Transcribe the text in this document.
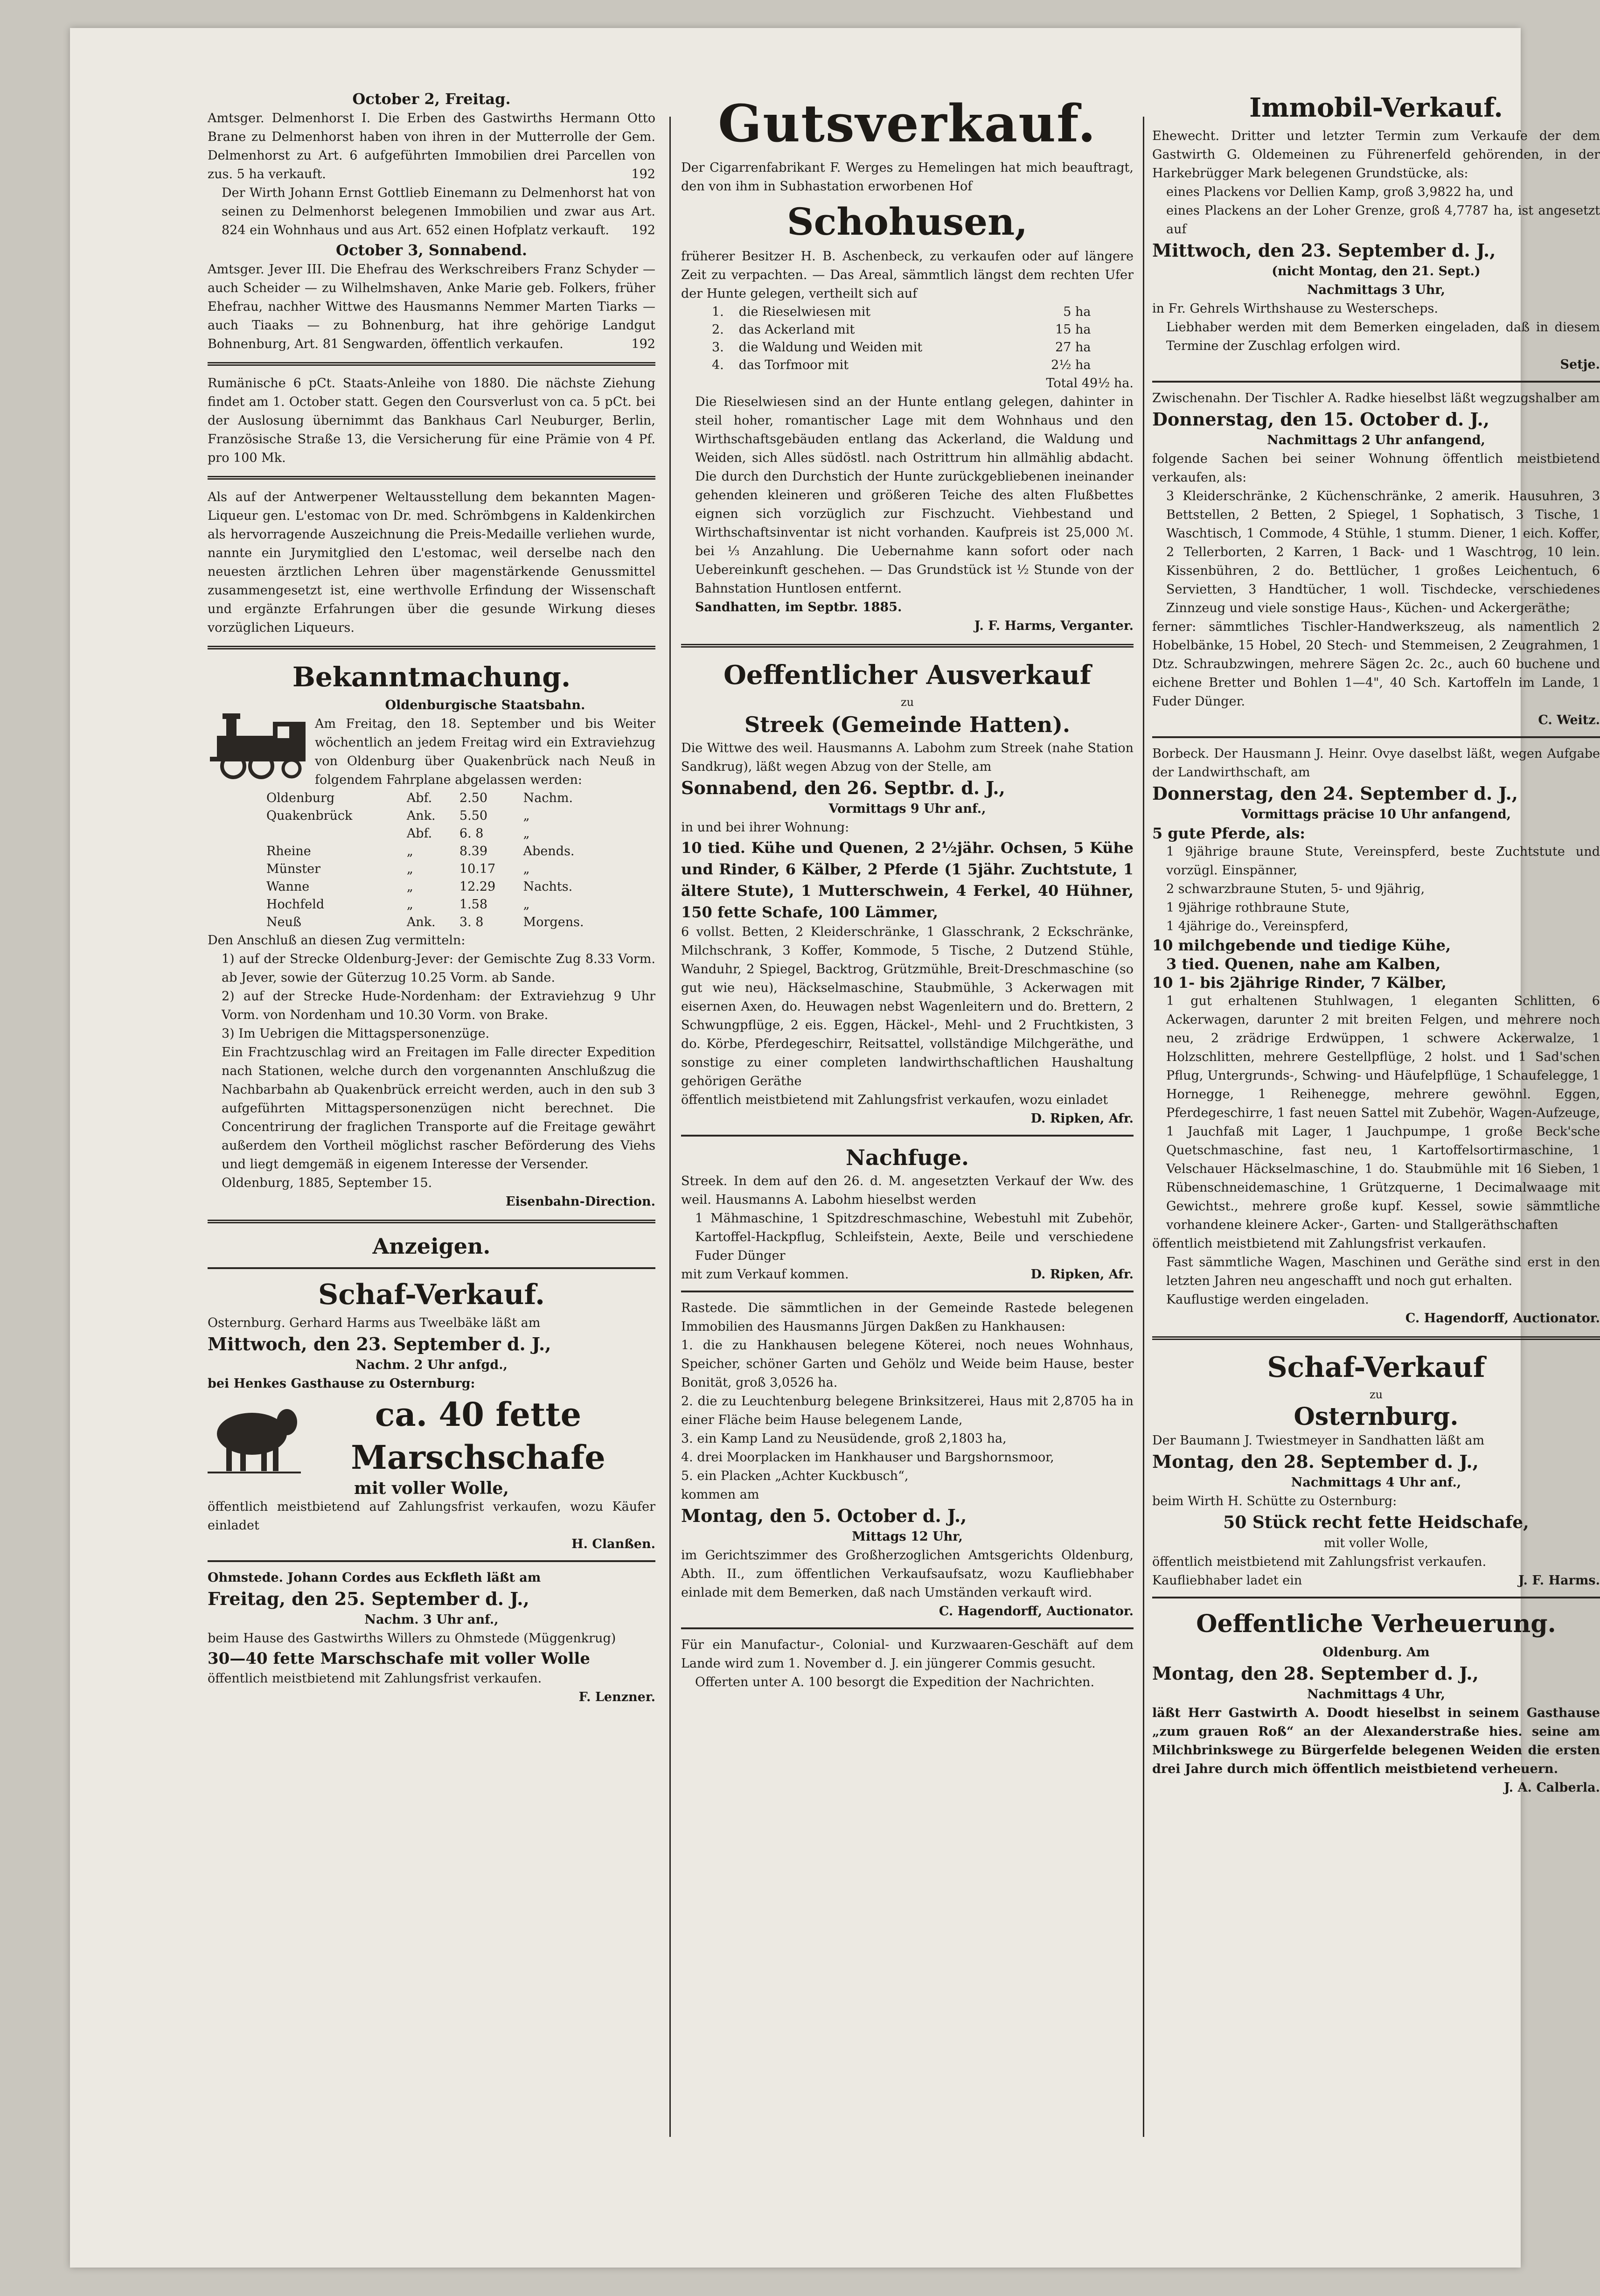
October 2, Freitag.

Amtsger. Delmenhorst I. Die Erben des Gastwirths Hermann Otto Brane zu Delmenhorst haben von ihren in der Mutterrolle der Gem. Delmenhorst zu Art. 6 aufgeführten Immobilien drei Parcellen von zus. 5 ha verkauft.	192

Der Wirth Johann Ernst Gottlieb Einemann zu Delmenhorst hat von seinen zu Delmenhorst belegenen Immobilien und zwar aus Art. 824 ein Wohnhaus und aus Art. 652 einen Hofplatz verkauft. 192

October 3, Sonnabend.

Amtsger. Jever III. Die Ehefrau des Werkschreibers Franz Schyder — auch Scheider — zu Wilhelmshaven, Anke Marie geb. Folkers, früher Ehefrau, nachher Wittwe des Hausmanns Nemmer Marten Tiarks — auch Tiaaks — zu Bohnenburg, hat ihre gehörige Landgut Bohnenburg, Art. 81 Sengwarden, öffentlich verkaufen.	192

Rumänische 6 pCt. Staats-Anleihe von 1880. Die nächste Ziehung findet am 1. October statt. Gegen den Coursverlust von ca. 5 pCt. bei der Auslosung übernimmt das Bankhaus Carl Neuburger, Berlin, Französische Straße 13, die Versicherung für eine Prämie von 4 Pf. pro 100 Mk.

Als auf der Antwerpener Weltausstellung dem bekannten Magen-Liqueur gen. L'estomac von Dr. med. Schrömbgens in Kaldenkirchen als hervorragende Auszeichnung die Preis-Medaille verliehen wurde, nannte ein Jurymitglied den L'estomac, weil derselbe nach den neuesten ärztlichen Lehren über magenstärkende Genussmittel zusammengesetzt ist, eine werthvolle Erfindung der Wissenschaft und ergänzte Erfahrungen über die gesunde Wirkung dieses vorzüglichen Liqueurs.

Bekanntmachung.

Oldenburgische Staatsbahn.

Am Freitag, den 18. September und bis Weiter wöchentlich an jedem Freitag wird ein Extraviehzug von Oldenburg über Quakenbrück nach Neuß in folgendem Fahrplane abgelassen werden:

Oldenburg	Abf.	2.50	Nachm.
Quakenbrück	Ank.	5.50	„
	Abf.	6. 8	„
Rheine	„	8.39	Abends.
Münster	„	10.17	„
Wanne	„	12.29	Nachts.
Hochfeld	„	1.58	„
Neuß	Ank.	3. 8	Morgens.

Den Anschluß an diesen Zug vermitteln:

1) auf der Strecke Oldenburg-Jever: der Gemischte Zug 8.33 Vorm. ab Jever, sowie der Güterzug 10.25 Vorm. ab Sande.

2) auf der Strecke Hude-Nordenham: der Extraviehzug 9 Uhr Vorm. von Nordenham und 10.30 Vorm. von Brake.

3) Im Uebrigen die Mittagspersonenzüge.

Ein Frachtzuschlag wird an Freitagen im Falle directer Expedition nach Stationen, welche durch den vorgenannten Anschlußzug die Nachbarbahn ab Quakenbrück erreicht werden, auch in den sub 3 aufgeführten Mittagspersonenzügen nicht berechnet. Die Concentrirung der fraglichen Transporte auf die Freitage gewährt außerdem den Vortheil möglichst rascher Beförderung des Viehs und liegt demgemäß in eigenem Interesse der Versender.

Oldenburg, 1885, September 15.

Eisenbahn-Direction.

Anzeigen.

Schaf-Verkauf.

Osternburg. Gerhard Harms aus Tweelbäke läßt am

Mittwoch, den 23. September d. J.,

Nachm. 2 Uhr anfgd.,

bei Henkes Gasthause zu Osternburg:

ca. 40 fette Marschschafe

mit voller Wolle,

öffentlich meistbietend auf Zahlungsfrist verkaufen, wozu Käufer einladet

H. Clanßen.

Ohmstede. Johann Cordes aus Eckfleth läßt am

Freitag, den 25. September d. J.,

Nachm. 3 Uhr anf.,

beim Hause des Gastwirths Willers zu Ohmstede (Müggenkrug)

30—40 fette Marschschafe mit voller Wolle

öffentlich meistbietend mit Zahlungsfrist verkaufen.

F. Lenzner.

Gutsverkauf.

Der Cigarrenfabrikant F. Werges zu Hemelingen hat mich beauftragt, den von ihm in Subhastation erworbenen Hof

Schohusen,

früherer Besitzer H. B. Aschenbeck, zu verkaufen oder auf längere Zeit zu verpachten. — Das Areal, sämmtlich längst dem rechten Ufer der Hunte gelegen, vertheilt sich auf

1.	die Rieselwiesen mit	5 ha
2.	das Ackerland mit	15 ha
3.	die Waldung und Weiden mit	27 ha
4.	das Torfmoor mit	2½ ha

Total 49½ ha.

Die Rieselwiesen sind an der Hunte entlang gelegen, dahinter in steil hoher, romantischer Lage mit dem Wohnhaus und den Wirthschaftsgebäuden entlang das Ackerland, die Waldung und Weiden, sich Alles südöstl. nach Ostrittrum hin allmählig abdacht. Die durch den Durchstich der Hunte zurückgebliebenen ineinander gehenden kleineren und größeren Teiche des alten Flußbettes eignen sich vorzüglich zur Fischzucht. Viehbestand und Wirthschaftsinventar ist nicht vorhanden. Kaufpreis ist 25,000 ℳ. bei ⅓ Anzahlung. Die Uebernahme kann sofort oder nach Uebereinkunft geschehen. — Das Grundstück ist ½ Stunde von der Bahnstation Huntlosen entfernt.

Sandhatten, im Septbr. 1885.

J. F. Harms, Verganter.

Oeffentlicher Ausverkauf

zu

Streek (Gemeinde Hatten).

Die Wittwe des weil. Hausmanns A. Labohm zum Streek (nahe Station Sandkrug), läßt wegen Abzug von der Stelle, am

Sonnabend, den 26. Septbr. d. J.,

Vormittags 9 Uhr anf.,

in und bei ihrer Wohnung:

10 tied. Kühe und Quenen, 2 2½jähr. Ochsen, 5 Kühe und Rinder, 6 Kälber, 2 Pferde (1 5jähr. Zuchtstute, 1 ältere Stute), 1 Mutterschwein, 4 Ferkel, 40 Hühner, 150 fette Schafe, 100 Lämmer,

6 vollst. Betten, 2 Kleiderschränke, 1 Glasschrank, 2 Eckschränke, Milchschrank, 3 Koffer, Kommode, 5 Tische, 2 Dutzend Stühle, Wanduhr, 2 Spiegel, Backtrog, Grützmühle, Breit-Dreschmaschine (so gut wie neu), Häckselmaschine, Staubmühle, 3 Ackerwagen mit eisernen Axen, do. Heuwagen nebst Wagenleitern und do. Brettern, 2 Schwungpflüge, 2 eis. Eggen, Häckel-, Mehl- und 2 Fruchtkisten, 3 do. Körbe, Pferdegeschirr, Reitsattel, vollständige Milchgeräthe, und sonstige zu einer completen landwirthschaftlichen Haushaltung gehörigen Geräthe

öffentlich meistbietend mit Zahlungsfrist verkaufen, wozu einladet

D. Ripken, Afr.

Nachfuge.

Streek. In dem auf den 26. d. M. angesetzten Verkauf der Ww. des weil. Hausmanns A. Labohm hieselbst werden

1 Mähmaschine, 1 Spitzdreschmaschine, Webestuhl mit Zubehör, Kartoffel-Hackpflug, Schleifstein, Aexte, Beile und verschiedene Fuder Dünger

mit zum Verkauf kommen.	D. Ripken, Afr.

Rastede. Die sämmtlichen in der Gemeinde Rastede belegenen Immobilien des Hausmanns Jürgen Dakßen zu Hankhausen:

1. die zu Hankhausen belegene Köterei, noch neues Wohnhaus, Speicher, schöner Garten und Gehölz und Weide beim Hause, bester Bonität, groß 3,0526 ha.

2. die zu Leuchtenburg belegene Brinksitzerei, Haus mit 2,8705 ha in einer Fläche beim Hause belegenem Lande,

3. ein Kamp Land zu Neusüdende, groß 2,1803 ha,

4. drei Moorplacken im Hankhauser und Bargshornsmoor,

5. ein Placken „Achter Kuckbusch“,

kommen am

Montag, den 5. October d. J.,

Mittags 12 Uhr,

im Gerichtszimmer des Großherzoglichen Amtsgerichts Oldenburg, Abth. II., zum öffentlichen Verkaufsaufsatz, wozu Kaufliebhaber einlade mit dem Bemerken, daß nach Umständen verkauft wird.

C. Hagendorff, Auctionator.

Für ein Manufactur-, Colonial- und Kurzwaaren-Geschäft auf dem Lande wird zum 1. November d. J. ein jüngerer Commis gesucht.

Offerten unter A. 100 besorgt die Expedition der Nachrichten.

Immobil-Verkauf.

Ehewecht. Dritter und letzter Termin zum Verkaufe der dem Gastwirth G. Oldemeinen zu Führenerfeld gehörenden, in der Harkebrügger Mark belegenen Grundstücke, als:

eines Plackens vor Dellien Kamp, groß 3,9822 ha, und

eines Plackens an der Loher Grenze, groß 4,7787 ha, ist angesetzt auf

Mittwoch, den 23. September d. J.,

(nicht Montag, den 21. Sept.)

Nachmittags 3 Uhr,

in Fr. Gehrels Wirthshause zu Westerscheps.

Liebhaber werden mit dem Bemerken eingeladen, daß in diesem Termine der Zuschlag erfolgen wird.

Setje.

Zwischenahn. Der Tischler A. Radke hieselbst läßt wegzugshalber am

Donnerstag, den 15. October d. J.,

Nachmittags 2 Uhr anfangend,

folgende Sachen bei seiner Wohnung öffentlich meistbietend verkaufen, als:

3 Kleiderschränke, 2 Küchenschränke, 2 amerik. Hausuhren, 3 Bettstellen, 2 Betten, 2 Spiegel, 1 Sophatisch, 3 Tische, 1 Waschtisch, 1 Commode, 4 Stühle, 1 stumm. Diener, 1 eich. Koffer, 2 Tellerborten, 2 Karren, 1 Back- und 1 Waschtrog, 10 lein. Kissenbühren, 2 do. Bettlücher, 1 großes Leichentuch, 6 Servietten, 3 Handtücher, 1 woll. Tischdecke, verschiedenes Zinnzeug und viele sonstige Haus-, Küchen- und Ackergeräthe;

ferner: sämmtliches Tischler-Handwerkszeug, als namentlich 2 Hobelbänke, 15 Hobel, 20 Stech- und Stemmeisen, 2 Zeugrahmen, 1 Dtz. Schraubzwingen, mehrere Sägen 2c. 2c., auch 60 buchene und eichene Bretter und Bohlen 1—4", 40 Sch. Kartoffeln im Lande, 1 Fuder Dünger.

C. Weitz.

Borbeck. Der Hausmann J. Heinr. Ovye daselbst läßt, wegen Aufgabe der Landwirthschaft, am

Donnerstag, den 24. September d. J.,

Vormittags präcise 10 Uhr anfangend,

5 gute Pferde, als:

1 9jährige braune Stute, Vereinspferd, beste Zuchtstute und vorzügl. Einspänner,

2 schwarzbraune Stuten, 5- und 9jährig,

1 9jährige rothbraune Stute,

1 4jährige do., Vereinspferd,

10 milchgebende und tiedige Kühe,

3 tied. Quenen, nahe am Kalben,

10 1- bis 2jährige Rinder, 7 Kälber,

1 gut erhaltenen Stuhlwagen, 1 eleganten Schlitten, 6 Ackerwagen, darunter 2 mit breiten Felgen, und mehrere noch neu, 2 zrädrige Erdwüppen, 1 schwere Ackerwalze, 1 Holzschlitten, mehrere Gestellpflüge, 2 holst. und 1 Sad'schen Pflug, Untergrunds-, Schwing- und Häufelpflüge, 1 Schaufelegge, 1 Hornegge, 1 Reihenegge, mehrere gewöhnl. Eggen, Pferdegeschirre, 1 fast neuen Sattel mit Zubehör, Wagen-Aufzeuge, 1 Jauchfaß mit Lager, 1 Jauchpumpe, 1 große Beck'sche Quetschmaschine, fast neu, 1 Kartoffelsortirmaschine, 1 Velschauer Häckselmaschine, 1 do. Staubmühle mit 16 Sieben, 1 Rübenschneidemaschine, 1 Grützquerne, 1 Decimalwaage mit Gewichtst., mehrere große kupf. Kessel, sowie sämmtliche vorhandene kleinere Acker-, Garten- und Stallgeräthschaften

öffentlich meistbietend mit Zahlungsfrist verkaufen.

Fast sämmtliche Wagen, Maschinen und Geräthe sind erst in den letzten Jahren neu angeschafft und noch gut erhalten.

Kauflustige werden eingeladen.

C. Hagendorff, Auctionator.

Schaf-Verkauf

zu

Osternburg.

Der Baumann J. Twiestmeyer in Sandhatten läßt am

Montag, den 28. September d. J.,

Nachmittags 4 Uhr anf.,

beim Wirth H. Schütte zu Osternburg:

50 Stück recht fette Heidschafe,

mit voller Wolle,

öffentlich meistbietend mit Zahlungsfrist verkaufen.

Kaufliebhaber ladet ein	J. F. Harms.

Oeffentliche Verheuerung.

Oldenburg. Am

Montag, den 28. September d. J.,

Nachmittags 4 Uhr,

läßt Herr Gastwirth A. Doodt hieselbst in seinem Gasthause „zum grauen Roß“ an der Alexanderstraße hies. seine am Milchbrinkswege zu Bürgerfelde belegenen Weiden die ersten drei Jahre durch mich öffentlich meistbietend verheuern.

J. A. Calberla.
